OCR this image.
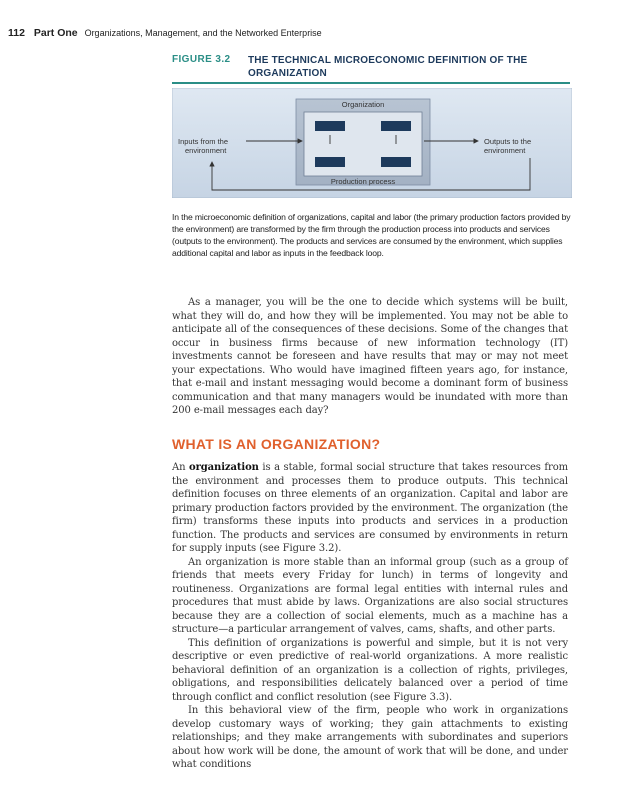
112 Part One Organizations, Management, and the Networked Enterprise
FIGURE 3.2 THE TECHNICAL MICROECONOMIC DEFINITION OF THE ORGANIZATION
Organization
Inputs from the
environment
Outputs to the
environment
Production process
In the microeconomic definition of organizations, capital and labor (the primary production factors provided by the environment) are transformed by the firm through the production process into products and services (outputs to the environment). The products and services are consumed by the environment, which supplies additional capital and labor as inputs in the feedback loop.

As a manager, you will be the one to decide which systems will be built, what they will do, and how they will be implemented. You may not be able to anticipate all of the consequences of these decisions. Some of the changes that occur in business firms because of new information technology (IT) investments cannot be foreseen and have results that may or may not meet your expectations. Who would have imagined fifteen years ago, for instance, that e-mail and instant messaging would become a dominant form of business communication and that many managers would be inundated with more than 200 e-mail messages each day?

WHAT IS AN ORGANIZATION?

An organization is a stable, formal social structure that takes resources from the environment and processes them to produce outputs. This technical definition focuses on three elements of an organization. Capital and labor are primary production factors provided by the environment. The organization (the firm) transforms these inputs into products and services in a production function. The products and services are consumed by environments in return for supply inputs (see Figure 3.2).

An organization is more stable than an informal group (such as a group of friends that meets every Friday for lunch) in terms of longevity and routineness. Organizations are formal legal entities with internal rules and procedures that must abide by laws. Organizations are also social structures because they are a collection of social elements, much as a machine has a structure—a particular arrangement of valves, cams, shafts, and other parts.

This definition of organizations is powerful and simple, but it is not very descriptive or even predictive of real-world organizations. A more realistic behavioral definition of an organization is a collection of rights, privileges, obligations, and responsibilities delicately balanced over a period of time through conflict and conflict resolution (see Figure 3.3).

In this behavioral view of the firm, people who work in organizations develop customary ways of working; they gain attachments to existing relationships; and they make arrangements with subordinates and superiors about how work will be done, the amount of work that will be done, and under what conditions
